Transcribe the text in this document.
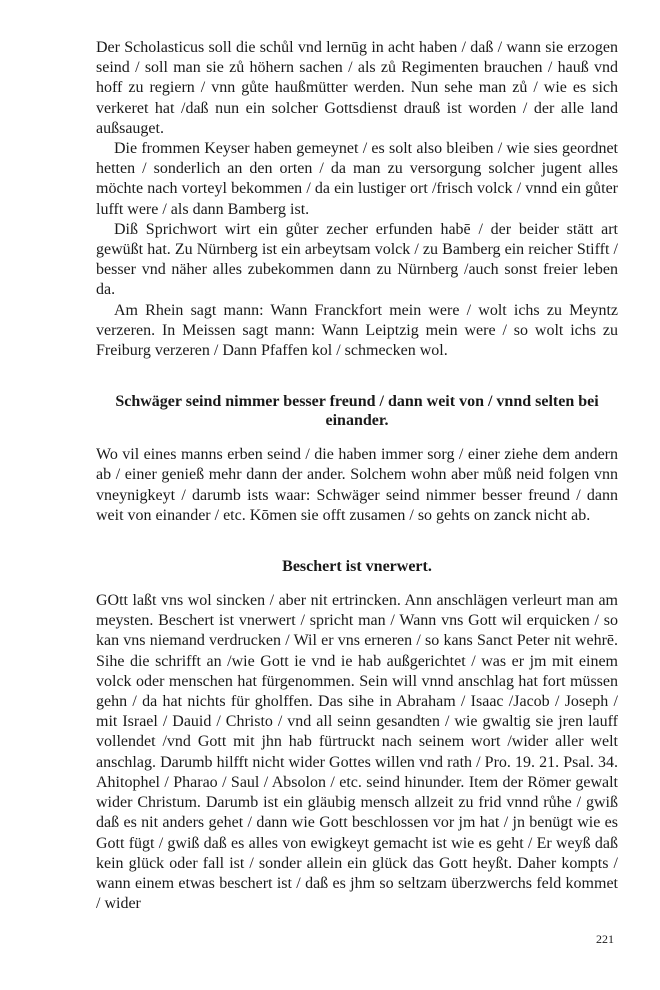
Der Scholasticus soll die schůl vnd lernūg in acht haben / daß / wann sie erzogen seind / soll man sie zů höhern sachen / als zů Regimenten brauchen / hauß vnd hoff zu regiern / vnn gůte haußmütter werden. Nun sehe man zů / wie es sich verkeret hat /daß nun ein solcher Gottsdienst drauß ist worden / der alle land außsauget.

Die frommen Keyser haben gemeynet / es solt also bleiben / wie sies geordnet hetten / sonderlich an den orten / da man zu versorgung solcher jugent alles möchte nach vorteyl bekommen / da ein lustiger ort /frisch volck / vnnd ein gůter lufft were / als dann Bamberg ist.

Diß Sprichwort wirt ein gůter zecher erfunden habē / der beider stätt art gewüßt hat. Zu Nürnberg ist ein arbeytsam volck / zu Bamberg ein reicher Stifft / besser vnd näher alles zubekommen dann zu Nürnberg /auch sonst freier leben da.

Am Rhein sagt mann: Wann Franckfort mein were / wolt ichs zu Meyntz verzeren. In Meissen sagt mann: Wann Leiptzig mein were / so wolt ichs zu Freiburg verzeren / Dann Pfaffen kol / schmecken wol.

Schwäger seind nimmer besser freund / dann weit von / vnnd selten bei einander.

Wo vil eines manns erben seind / die haben immer sorg / einer ziehe dem andern ab / einer genieß mehr dann der ander. Solchem wohn aber můß neid folgen vnn vneynigkeyt / darumb ists waar: Schwäger seind nimmer besser freund / dann weit von einander / etc. Kōmen sie offt zusamen / so gehts on zanck nicht ab.

Beschert ist vnerwert.

GOtt laßt vns wol sincken / aber nit ertrincken. Ann anschlägen verleurt man am meysten. Beschert ist vnerwert / spricht man / Wann vns Gott wil erquicken / so kan vns niemand verdrucken / Wil er vns erneren / so kans Sanct Peter nit wehrē. Sihe die schrifft an /wie Gott ie vnd ie hab außgerichtet / was er jm mit einem volck oder menschen hat fürgenommen. Sein will vnnd anschlag hat fort müssen gehn / da hat nichts für gholffen. Das sihe in Abraham / Isaac /Jacob / Joseph / mit Israel / Dauid / Christo / vnd all seinn gesandten / wie gwaltig sie jren lauff vollendet /vnd Gott mit jhn hab fürtruckt nach seinem wort /wider aller welt anschlag. Darumb hilfft nicht wider Gottes willen vnd rath / Pro. 19. 21. Psal. 34. Ahitophel / Pharao / Saul / Absolon / etc. seind hinunder. Item der Römer gewalt wider Christum. Darumb ist ein gläubig mensch allzeit zu frid vnnd růhe / gwiß daß es nit anders gehet / dann wie Gott beschlossen vor jm hat / jn benügt wie es Gott fügt / gwiß daß es alles von ewigkeyt gemacht ist wie es geht / Er weyß daß kein glück oder fall ist / sonder allein ein glück das Gott heyßt. Daher kompts / wann einem etwas beschert ist / daß es jhm so seltzam überzwerchs feld kommet / wider

221
